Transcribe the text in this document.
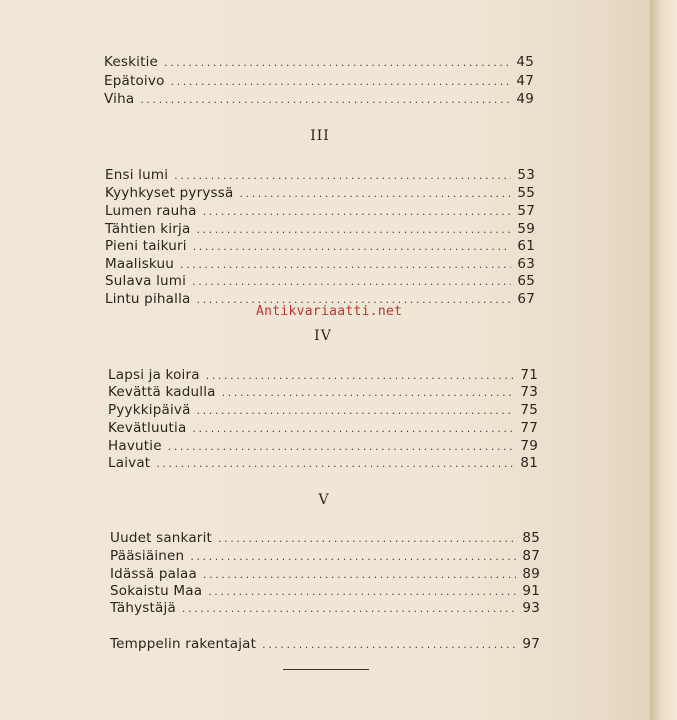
Keskitie .....	45
Epätoivo .....	47
Viha .....	49
III
Ensi lumi .....	53
Kyyhkyset pyryssä .....	55
Lumen rauha .....	57
Tähtien kirja .....	59
Pieni taikuri .....	61
Maaliskuu .....	63
Sulava lumi .....	65
Lintu pihalla .....	67
Antikvariaatti.net
IV
Lapsi ja koira .....	71
Kevättä kadulla .....	73
Pyykkipäivä .....	75
Kevätluutia .....	77
Havutie .....	79
Laivat .....	81
V
Uudet sankarit .....	85
Pääsiäinen .....	87
Idässä palaa .....	89
Sokaistu Maa .....	91
Tähystäjä .....	93
Temppelin rakentajat .....	97
